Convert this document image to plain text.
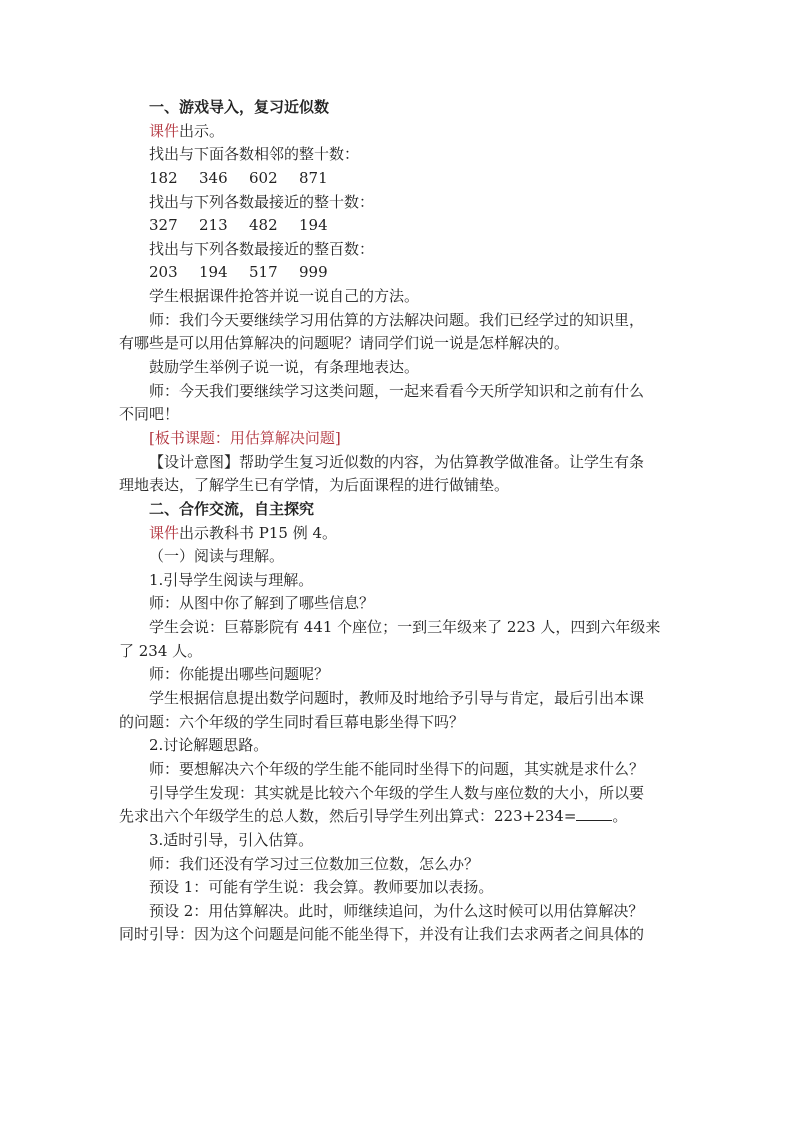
一、游戏导入，复习近似数
课件出示。
找出与下面各数相邻的整十数：
182 346 602 871
找出与下列各数最接近的整十数：
327 213 482 194
找出与下列各数最接近的整百数：
203 194 517 999
学生根据课件抢答并说一说自己的方法。
师：我们今天要继续学习用估算的方法解决问题。我们已经学过的知识里，
有哪些是可以用估算解决的问题呢？请同学们说一说是怎样解决的。
鼓励学生举例子说一说，有条理地表达。
师：今天我们要继续学习这类问题，一起来看看今天所学知识和之前有什么
不同吧！
[板书课题：用估算解决问题]
【设计意图】帮助学生复习近似数的内容，为估算教学做准备。让学生有条
理地表达，了解学生已有学情，为后面课程的进行做铺垫。
二、合作交流，自主探究
课件出示教科书 P15 例 4。
（一）阅读与理解。
1.引导学生阅读与理解。
师：从图中你了解到了哪些信息？
学生会说：巨幕影院有 441 个座位；一到三年级来了 223 人，四到六年级来
了 234 人。
师：你能提出哪些问题呢？
学生根据信息提出数学问题时，教师及时地给予引导与肯定，最后引出本课
的问题：六个年级的学生同时看巨幕电影坐得下吗？
2.讨论解题思路。
师：要想解决六个年级的学生能不能同时坐得下的问题，其实就是求什么？
引导学生发现：其实就是比较六个年级的学生人数与座位数的大小，所以要
先求出六个年级学生的总人数，然后引导学生列出算式：223+234= 。
3.适时引导，引入估算。
师：我们还没有学习过三位数加三位数，怎么办？
预设 1：可能有学生说：我会算。教师要加以表扬。
预设 2：用估算解决。此时，师继续追问，为什么这时候可以用估算解决？
同时引导：因为这个问题是问能不能坐得下，并没有让我们去求两者之间具体的
